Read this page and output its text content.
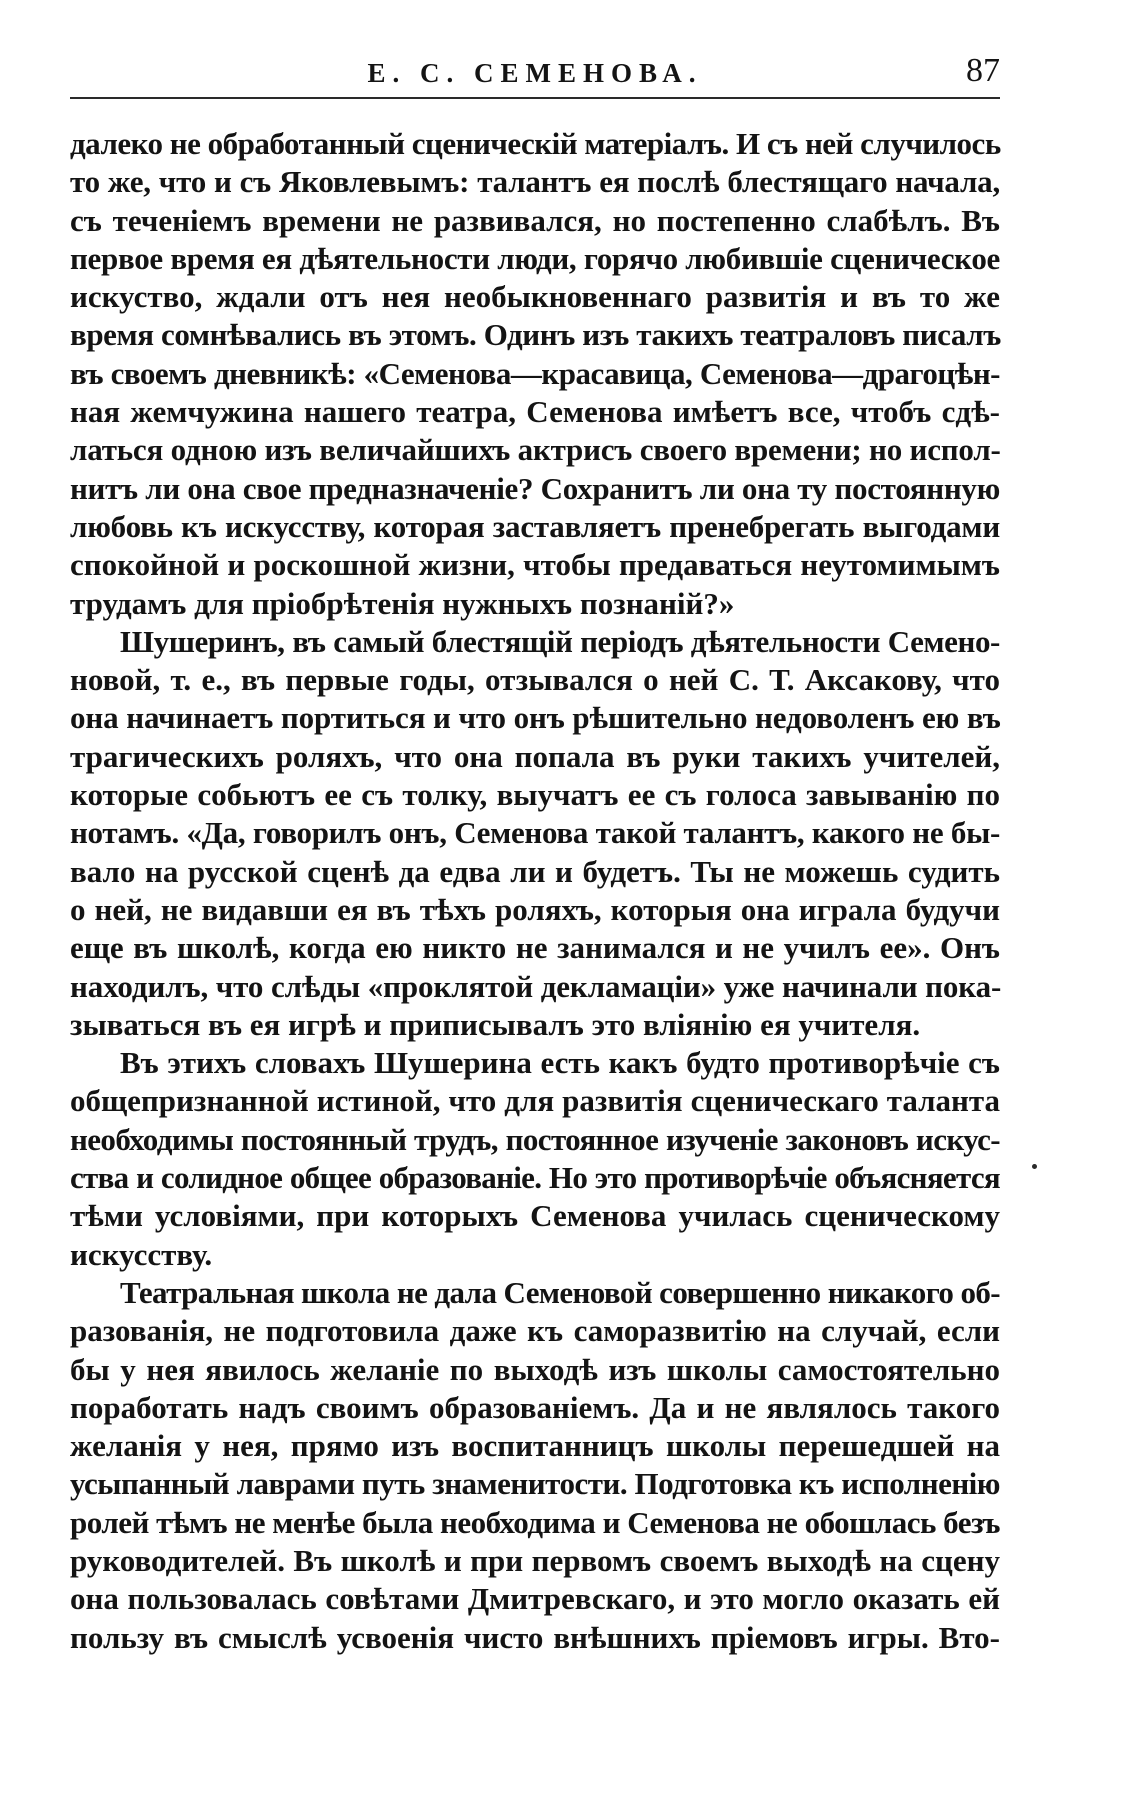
Е. С. СЕМЕНОВА.	87
далеко не обработанный сценическій матеріалъ. И съ ней случилось
то же, что и съ Яковлевымъ: талантъ ея послѣ блестящаго начала,
съ теченіемъ времени не развивался, но постепенно слабѣлъ. Въ
первое время ея дѣятельности люди, горячо любившіе сценическое
искуство, ждали отъ нея необыкновеннаго развитія и въ то же
время сомнѣвались въ этомъ. Одинъ изъ такихъ театраловъ писалъ
въ своемъ дневникѣ: «Семенова—красавица, Семенова—драгоцѣн-
ная жемчужина нашего театра, Семенова имѣетъ все, чтобъ сдѣ-
латься одною изъ величайшихъ актрисъ своего времени; но испол-
нитъ ли она свое предназначеніе? Сохранитъ ли она ту постоянную
любовь къ искусству, которая заставляетъ пренебрегать выгодами
спокойной и роскошной жизни, чтобы предаваться неутомимымъ
трудамъ для пріобрѣтенія нужныхъ познаній?»
Шушеринъ, въ самый блестящій періодъ дѣятельности Семено-
новой, т. е., въ первые годы, отзывался о ней С. Т. Аксакову, что
она начинаетъ портиться и что онъ рѣшительно недоволенъ ею въ
трагическихъ роляхъ, что она попала въ руки такихъ учителей,
которые собьютъ ее съ толку, выучатъ ее съ голоса завыванію по
нотамъ. «Да, говорилъ онъ, Семенова такой талантъ, какого не бы-
вало на русской сценѣ да едва ли и будетъ. Ты не можешь судить
о ней, не видавши ея въ тѣхъ роляхъ, которыя она играла будучи
еще въ школѣ, когда ею никто не занимался и не училъ ее». Онъ
находилъ, что слѣды «проклятой декламаціи» уже начинали пока-
зываться въ ея игрѣ и приписывалъ это вліянію ея учителя.
Въ этихъ словахъ Шушерина есть какъ будто противорѣчіе съ
общепризнанной истиной, что для развитія сценическаго таланта
необходимы постоянный трудъ, постоянное изученіе законовъ искус-
ства и солидное общее образованіе. Но это противорѣчіе объясняется
тѣми условіями, при которыхъ Семенова училась сценическому
искусству.
Театральная школа не дала Семеновой совершенно никакого об-
разованія, не подготовила даже къ саморазвитію на случай, если
бы у нея явилось желаніе по выходѣ изъ школы самостоятельно
поработать надъ своимъ образованіемъ. Да и не являлось такого
желанія у нея, прямо изъ воспитанницъ школы перешедшей на
усыпанный лаврами путь знаменитости. Подготовка къ исполненію
ролей тѣмъ не менѣе была необходима и Семенова не обошлась безъ
руководителей. Въ школѣ и при первомъ своемъ выходѣ на сцену
она пользовалась совѣтами Дмитревскаго, и это могло оказать ей
пользу въ смыслѣ усвоенія чисто внѣшнихъ пріемовъ игры. Вто-
